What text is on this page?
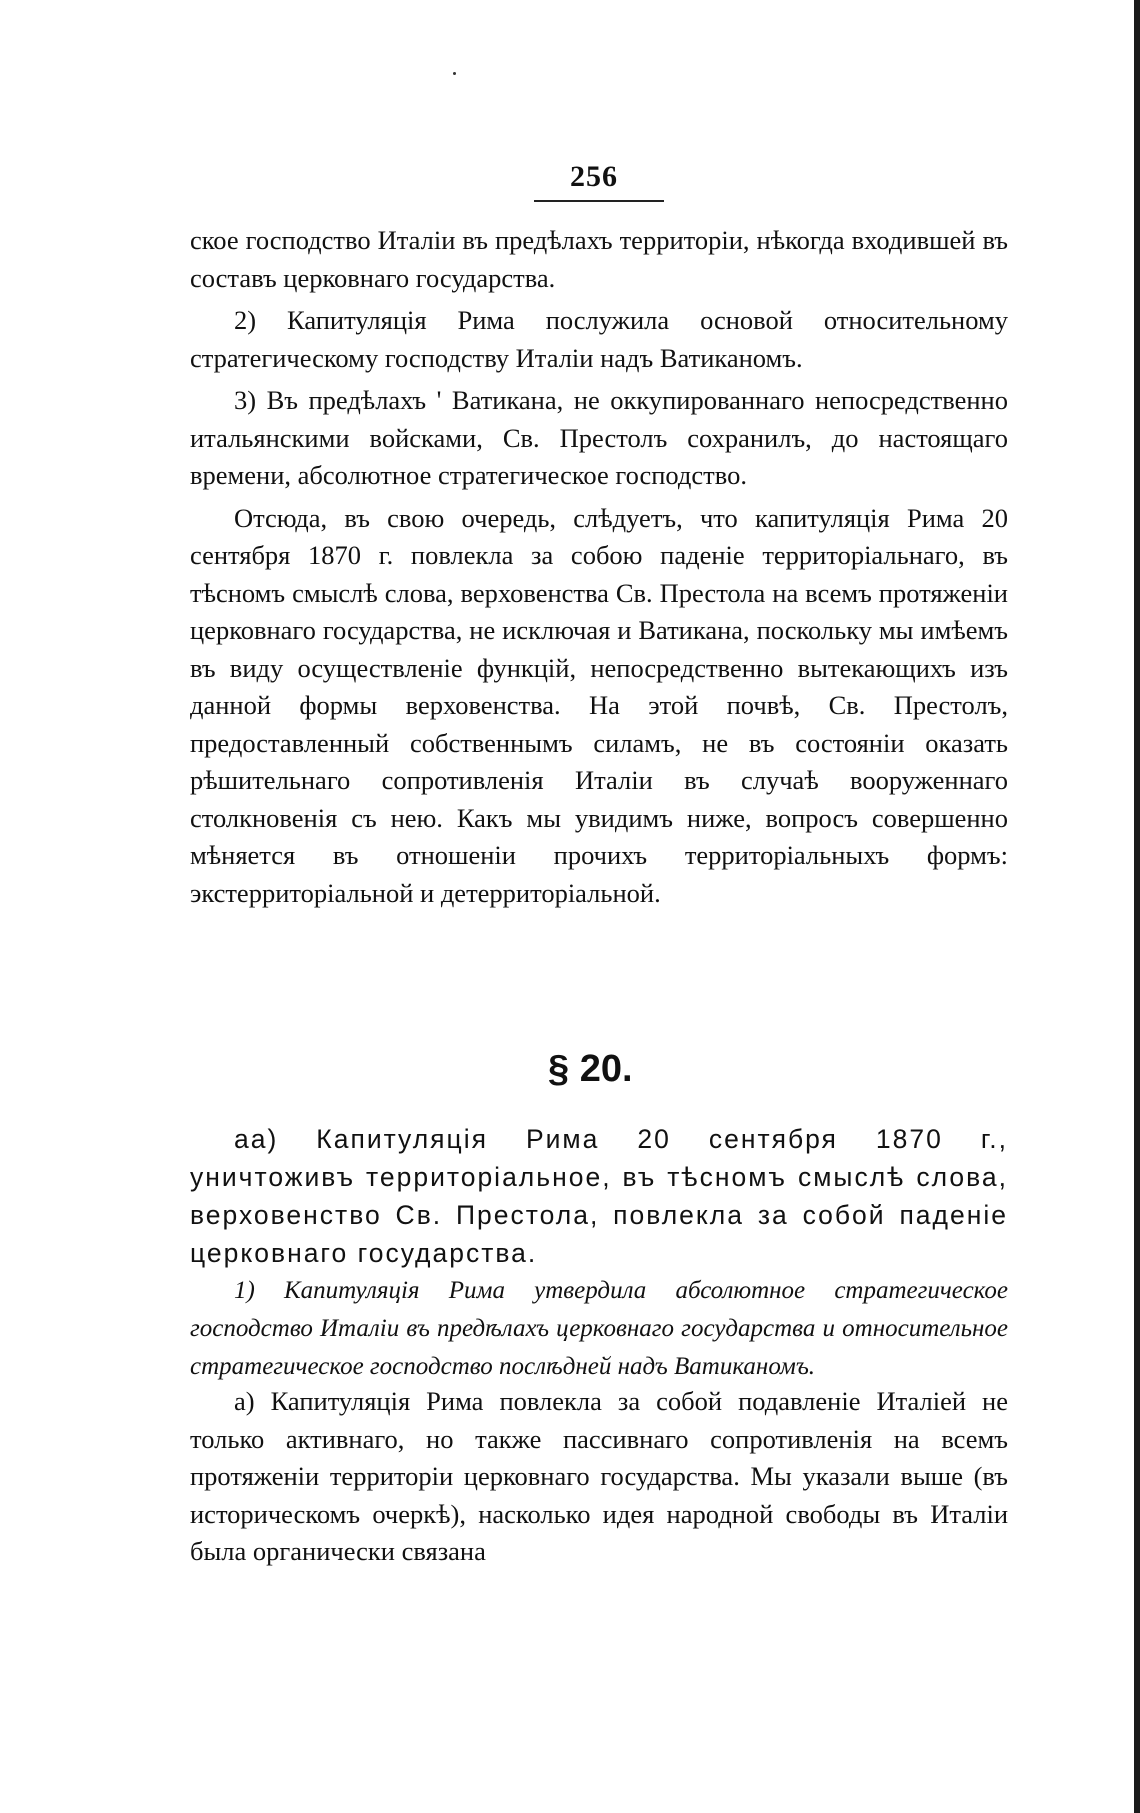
256

ское господство Италіи въ предѣлахъ территоріи, нѣкогда входившей въ составъ церковнаго государства.

2) Капитуляція Рима послужила основой относительному стратегическому господству Италіи надъ Ватиканомъ.

3) Въ предѣлахъ ' Ватикана, не оккупированнаго непосредственно итальянскими войсками, Св. Престолъ сохранилъ, до настоящаго времени, абсолютное стратегическое господство.

Отсюда, въ свою очередь, слѣдуетъ, что капитуляція Рима 20 сентября 1870 г. повлекла за собою паденіе территоріальнаго, въ тѣсномъ смыслѣ слова, верховенства Св. Престола на всемъ протяженіи церковнаго государства, не исключая и Ватикана, поскольку мы имѣемъ въ виду осуществленіе функцій, непосредственно вытекающихъ изъ данной формы верховенства. На этой почвѣ, Св. Престолъ, предоставленный собственнымъ силамъ, не въ состояніи оказать рѣшительнаго сопротивленія Италіи въ случаѣ вооруженнаго столкновенія съ нею. Какъ мы увидимъ ниже, вопросъ совершенно мѣняется въ отношеніи прочихъ территоріальныхъ формъ: экстерриторіальной и детерриторіальной.

§ 20.

аа) Капитуляція Рима 20 сентября 1870 г., уничтоживъ территоріальное, въ тѣсномъ смыслѣ слова, верховенство Св. Престола, повлекла за собой паденіе церковнаго государства.

1) Капитуляція Рима утвердила абсолютное стратегическое господство Италіи въ предѣлахъ церковнаго государства и относительное стратегическое господство послѣдней надъ Ватиканомъ.

а) Капитуляція Рима повлекла за собой подавленіе Италіей не только активнаго, но также пассивнаго сопротивленія на всемъ протяженіи территоріи церковнаго государства. Мы указали выше (въ историческомъ очеркѣ), насколько идея народной свободы въ Италіи была органически связана
